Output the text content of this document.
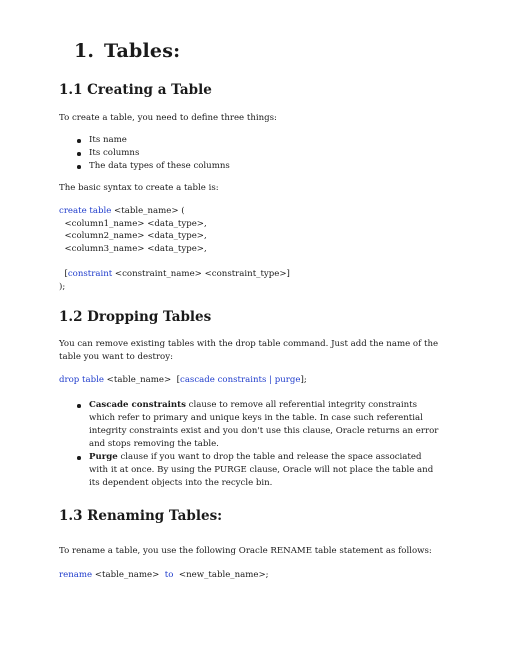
1. Tables:
1.1 Creating a Table

To create a table, you need to define three things:

Its name
Its columns
The data types of these columns

The basic syntax to create a table is:

create table <table_name> (
<column1_name> <data_type>,
<column2_name> <data_type>,
<column3_name> <data_type>,

[constraint <constraint_name> <constraint_type>]
);
1.2 Dropping Tables

You can remove existing tables with the drop table command. Just add the name of the table you want to destroy:

drop table <table_name>  [cascade constraints | purge];
Cascade constraints clause to remove all referential integrity constraints which refer to primary and unique keys in the table. In case such referential integrity constraints exist and you don't use this clause, Oracle returns an error and stops removing the table.
Purge clause if you want to drop the table and release the space associated with it at once. By using the PURGE clause, Oracle will not place the table and its dependent objects into the recycle bin.
1.3 Renaming Tables:

To rename a table, you use the following Oracle RENAME table statement as follows:

rename <table_name>  to  <new_table_name>;
